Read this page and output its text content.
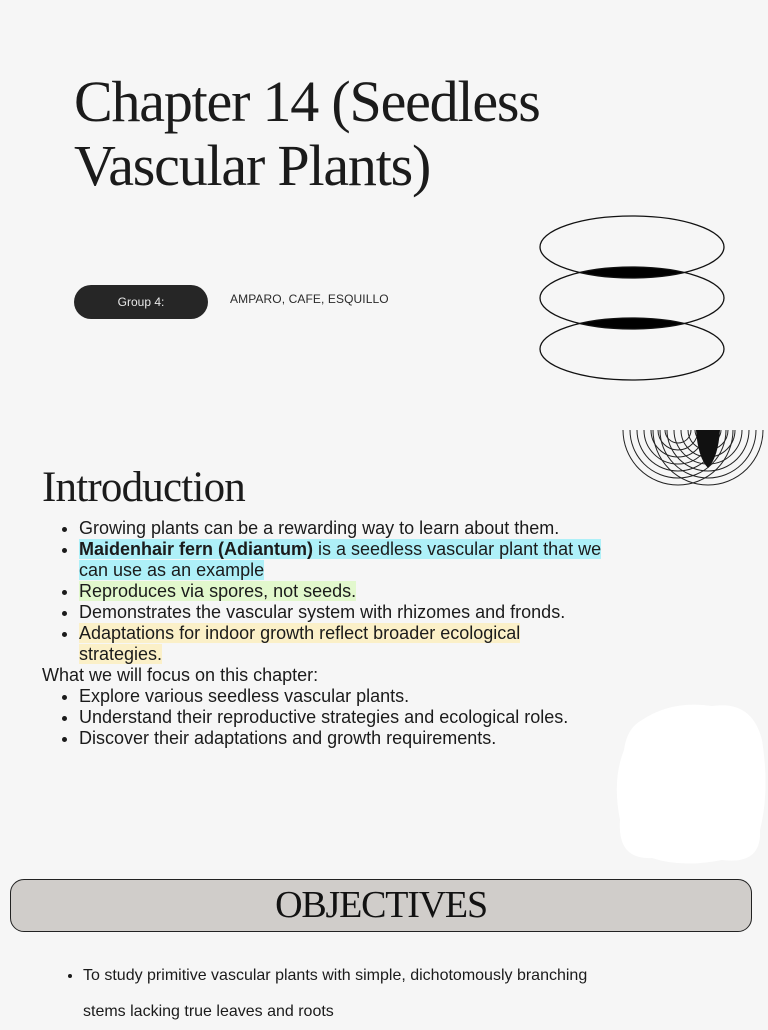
Chapter 14 (Seedless Vascular Plants)
Group 4:	AMPARO, CAFE, ESQUILLO
Introduction
• Growing plants can be a rewarding way to learn about them.
• Maidenhair fern (Adiantum) is a seedless vascular plant that we can use as an example
• Reproduces via spores, not seeds.
• Demonstrates the vascular system with rhizomes and fronds.
• Adaptations for indoor growth reflect broader ecological strategies.

What we will focus on this chapter:

• Explore various seedless vascular plants.
• Understand their reproductive strategies and ecological roles.
• Discover their adaptations and growth requirements.
OBJECTIVES
• To study primitive vascular plants with simple, dichotomously branching stems lacking true leaves and roots
